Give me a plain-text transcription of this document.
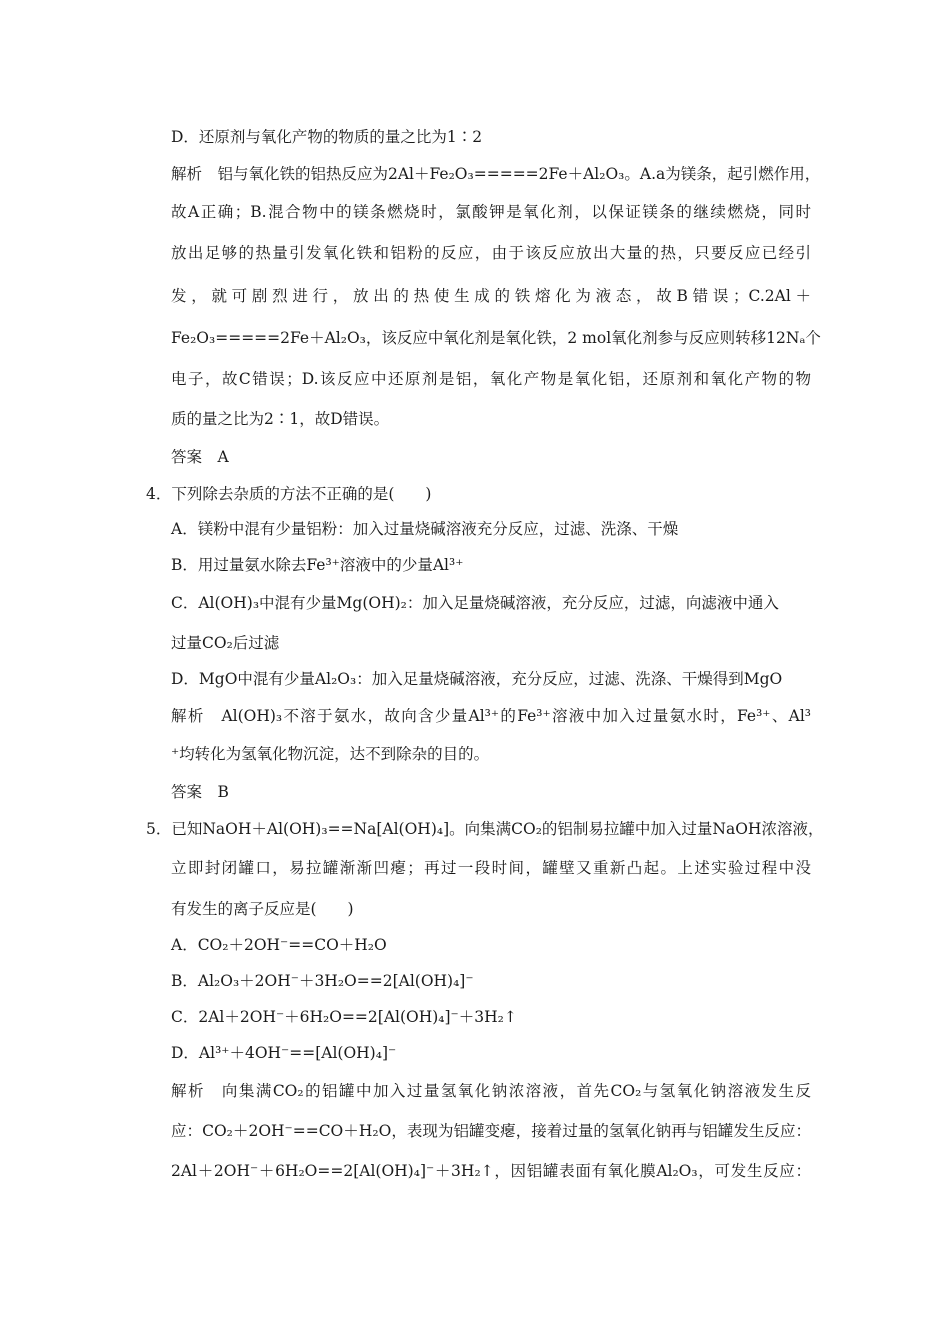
D．还原剂与氧化产物的物质的量之比为1∶2
解析　铝与氧化铁的铝热反应为2Al＋Fe₂O₃=====2Fe＋Al₂O₃。A.a为镁条，起引燃作用，
故A正确；B.混合物中的镁条燃烧时，氯酸钾是氧化剂，以保证镁条的继续燃烧，同时
放出足够的热量引发氧化铁和铝粉的反应，由于该反应放出大量的热，只要反应已经引
发，就可剧烈进行，放出的热使生成的铁熔化为液态，故B错误；C.2Al＋
Fe₂O₃=====2Fe＋Al₂O₃，该反应中氧化剂是氧化铁，2 mol氧化剂参与反应则转移12Nₐ个
电子，故C错误；D.该反应中还原剂是铝，氧化产物是氧化铝，还原剂和氧化产物的物
质的量之比为2∶1，故D错误。
答案　A
4．下列除去杂质的方法不正确的是(　　)
A．镁粉中混有少量铝粉：加入过量烧碱溶液充分反应，过滤、洗涤、干燥
B．用过量氨水除去Fe³⁺溶液中的少量Al³⁺
C．Al(OH)₃中混有少量Mg(OH)₂：加入足量烧碱溶液，充分反应，过滤，向滤液中通入
过量CO₂后过滤
D．MgO中混有少量Al₂O₃：加入足量烧碱溶液，充分反应，过滤、洗涤、干燥得到MgO
解析　Al(OH)₃不溶于氨水，故向含少量Al³⁺的Fe³⁺溶液中加入过量氨水时，Fe³⁺、Al³
⁺均转化为氢氧化物沉淀，达不到除杂的目的。
答案　B
5．已知NaOH＋Al(OH)₃==Na[Al(OH)₄]。向集满CO₂的铝制易拉罐中加入过量NaOH浓溶液，
立即封闭罐口，易拉罐渐渐凹瘪；再过一段时间，罐壁又重新凸起。上述实验过程中没
有发生的离子反应是(　　)
A．CO₂＋2OH⁻==CO＋H₂O
B．Al₂O₃＋2OH⁻＋3H₂O==2[Al(OH)₄]⁻
C．2Al＋2OH⁻＋6H₂O==2[Al(OH)₄]⁻＋3H₂↑
D．Al³⁺＋4OH⁻==[Al(OH)₄]⁻
解析　向集满CO₂的铝罐中加入过量氢氧化钠浓溶液，首先CO₂与氢氧化钠溶液发生反
应：CO₂＋2OH⁻==CO＋H₂O，表现为铝罐变瘪，接着过量的氢氧化钠再与铝罐发生反应：
2Al＋2OH⁻＋6H₂O==2[Al(OH)₄]⁻＋3H₂↑，因铝罐表面有氧化膜Al₂O₃，可发生反应：
